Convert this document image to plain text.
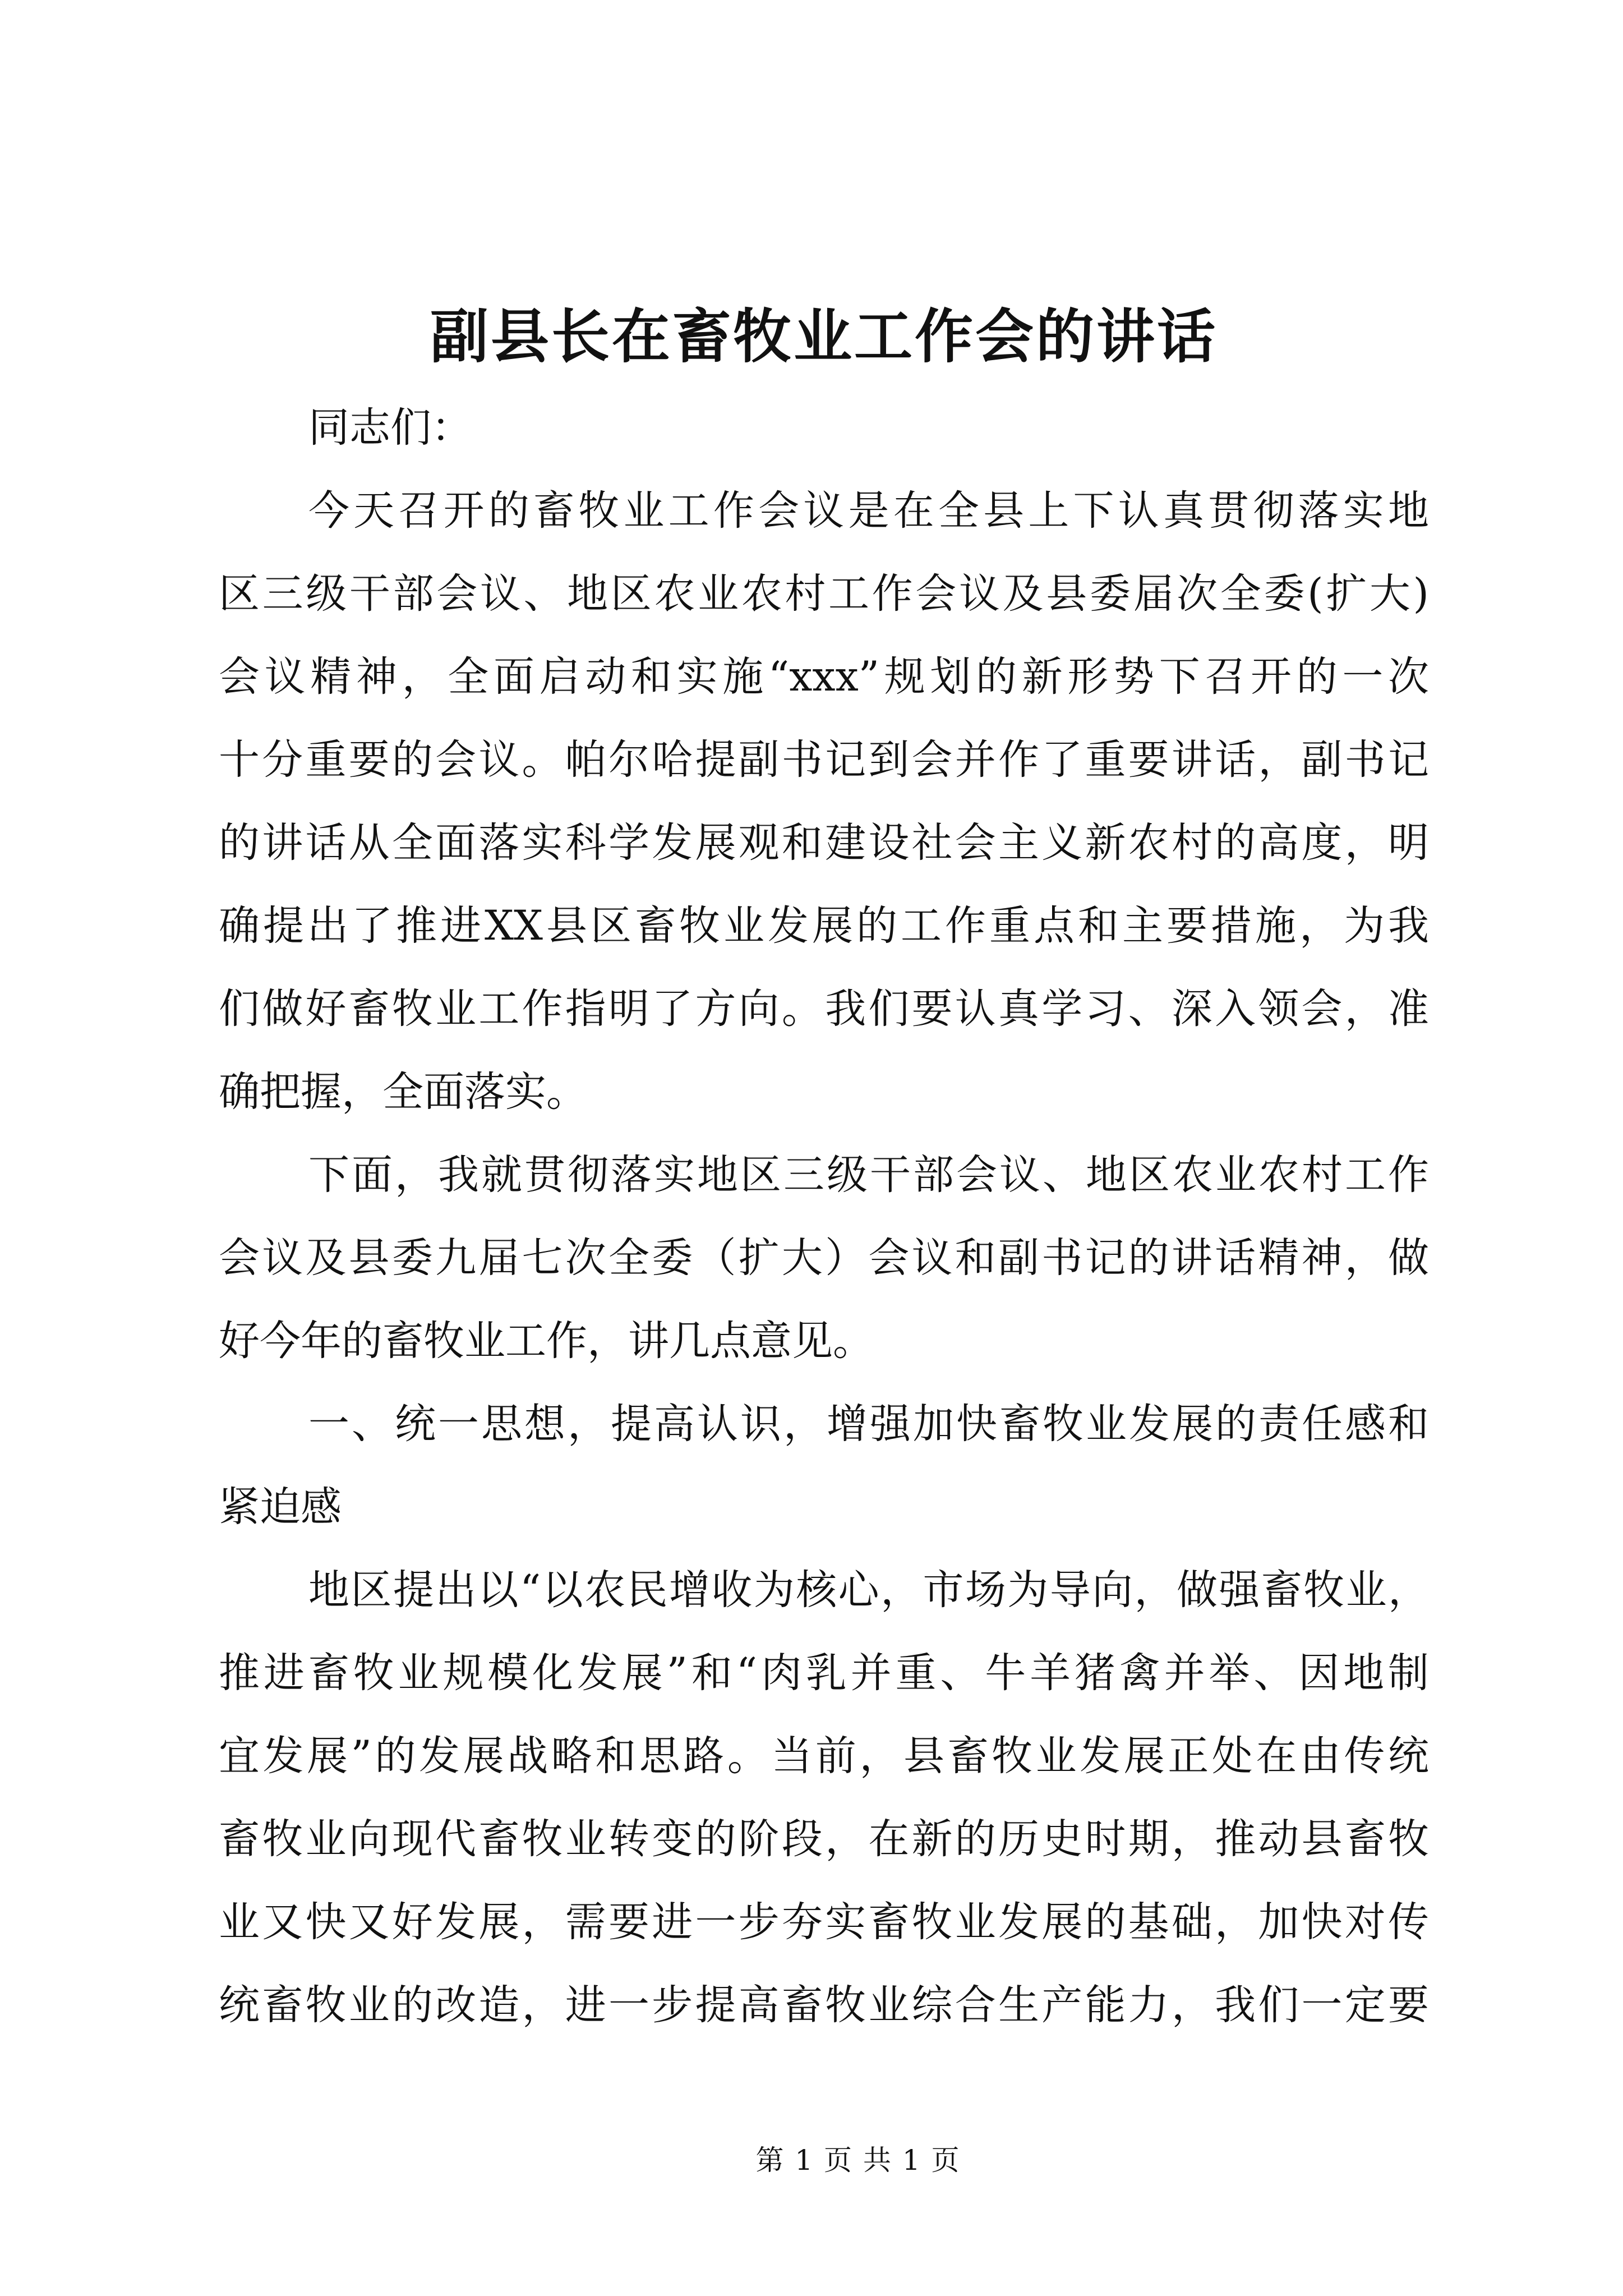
副县长在畜牧业工作会的讲话
同志们：
今天召开的畜牧业工作会议是在全县上下认真贯彻落实地
区三级干部会议、地区农业农村工作会议及县委届次全委(扩大)
会议精神，全面启动和实施“xxx”规划的新形势下召开的一次
十分重要的会议。帕尔哈提副书记到会并作了重要讲话，副书记
的讲话从全面落实科学发展观和建设社会主义新农村的高度，明
确提出了推进XX县区畜牧业发展的工作重点和主要措施，为我
们做好畜牧业工作指明了方向。我们要认真学习、深入领会，准
确把握，全面落实。
下面，我就贯彻落实地区三级干部会议、地区农业农村工作
会议及县委九届七次全委（扩大）会议和副书记的讲话精神，做
好今年的畜牧业工作，讲几点意见。
一、统一思想，提高认识，增强加快畜牧业发展的责任感和
紧迫感
地区提出以“以农民增收为核心，市场为导向，做强畜牧业，
推进畜牧业规模化发展”和“肉乳并重、牛羊猪禽并举、因地制
宜发展”的发展战略和思路。当前，县畜牧业发展正处在由传统
畜牧业向现代畜牧业转变的阶段，在新的历史时期，推动县畜牧
业又快又好发展，需要进一步夯实畜牧业发展的基础，加快对传
统畜牧业的改造，进一步提高畜牧业综合生产能力，我们一定要
第 1 页 共 1 页
